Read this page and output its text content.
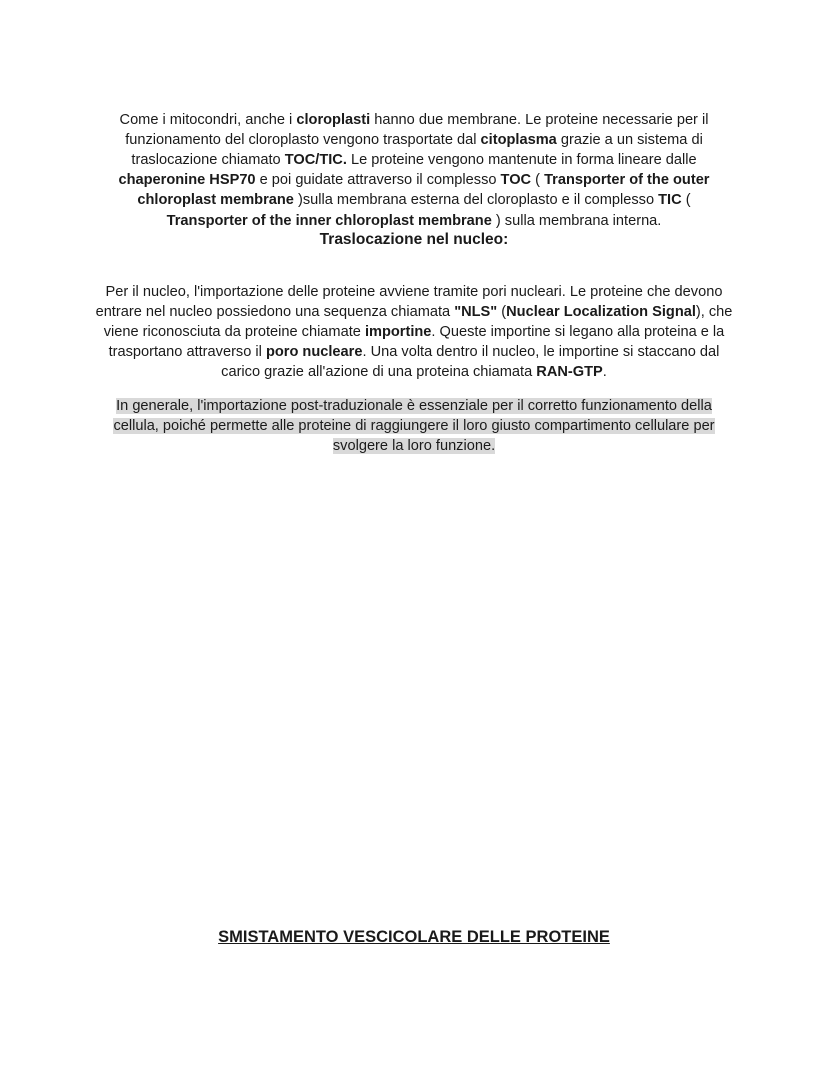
Come i mitocondri, anche i cloroplasti hanno due membrane. Le proteine necessarie per il funzionamento del cloroplasto vengono trasportate dal citoplasma grazie a un sistema di traslocazione chiamato TOC/TIC. Le proteine vengono mantenute in forma lineare dalle chaperonine HSP70 e poi guidate attraverso il complesso TOC ( Transporter of the outer chloroplast membrane )sulla membrana esterna del cloroplasto e il complesso TIC ( Transporter of the inner chloroplast membrane ) sulla membrana interna.

Traslocazione nel nucleo:

Per il nucleo, l'importazione delle proteine avviene tramite pori nucleari. Le proteine che devono entrare nel nucleo possiedono una sequenza chiamata "NLS" (Nuclear Localization Signal), che viene riconosciuta da proteine chiamate importine. Queste importine si legano alla proteina e la trasportano attraverso il poro nucleare. Una volta dentro il nucleo, le importine si staccano dal carico grazie all'azione di una proteina chiamata RAN-GTP.

In generale, l'importazione post-traduzionale è essenziale per il corretto funzionamento della cellula, poiché permette alle proteine di raggiungere il loro giusto compartimento cellulare per svolgere la loro funzione.

SMISTAMENTO VESCICOLARE DELLE PROTEINE
